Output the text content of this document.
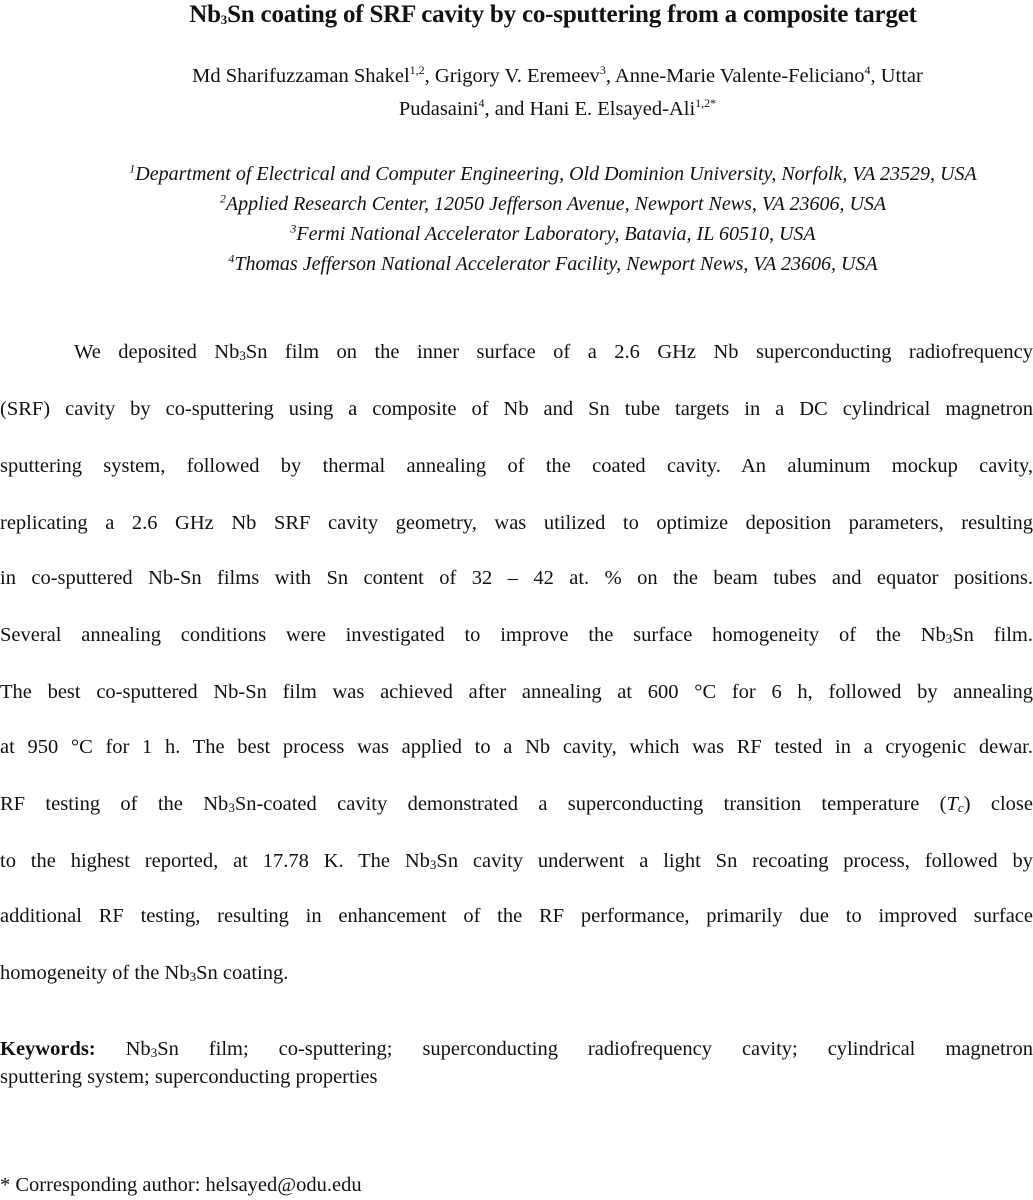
Nb3Sn coating of SRF cavity by co-sputtering from a composite target
Md Sharifuzzaman Shakel$^{1,2}$, Grigory V. Eremeev$^3$, Anne-Marie Valente-Feliciano$^4$, Uttar
Pudasaini$^4$, and Hani E. Elsayed-Ali$^{1,2*}$
$^1$Department of Electrical and Computer Engineering, Old Dominion University, Norfolk, VA 23529, USA
$^2$Applied Research Center, 12050 Jefferson Avenue, Newport News, VA 23606, USA
$^3$Fermi National Accelerator Laboratory, Batavia, IL 60510, USA
$^4$Thomas Jefferson National Accelerator Facility, Newport News, VA 23606, USA
We deposited Nb3Sn film on the inner surface of a 2.6 GHz Nb superconducting radiofrequency
(SRF) cavity by co-sputtering using a composite of Nb and Sn tube targets in a DC cylindrical magnetron
sputtering system, followed by thermal annealing of the coated cavity. An aluminum mockup cavity,
replicating a 2.6 GHz Nb SRF cavity geometry, was utilized to optimize deposition parameters, resulting
in co-sputtered Nb-Sn films with Sn content of 32 – 42 at. % on the beam tubes and equator positions.
Several annealing conditions were investigated to improve the surface homogeneity of the Nb3Sn film.
The best co-sputtered Nb-Sn film was achieved after annealing at 600 °C for 6 h, followed by annealing
at 950 °C for 1 h. The best process was applied to a Nb cavity, which was RF tested in a cryogenic dewar.
RF testing of the Nb3Sn-coated cavity demonstrated a superconducting transition temperature (Tc) close
to the highest reported, at 17.78 K. The Nb3Sn cavity underwent a light Sn recoating process, followed by
additional RF testing, resulting in enhancement of the RF performance, primarily due to improved surface
homogeneity of the Nb3Sn coating.
Keywords: Nb3Sn film; co-sputtering; superconducting radiofrequency cavity; cylindrical magnetron
sputtering system; superconducting properties
* Corresponding author: helsayed@odu.edu
